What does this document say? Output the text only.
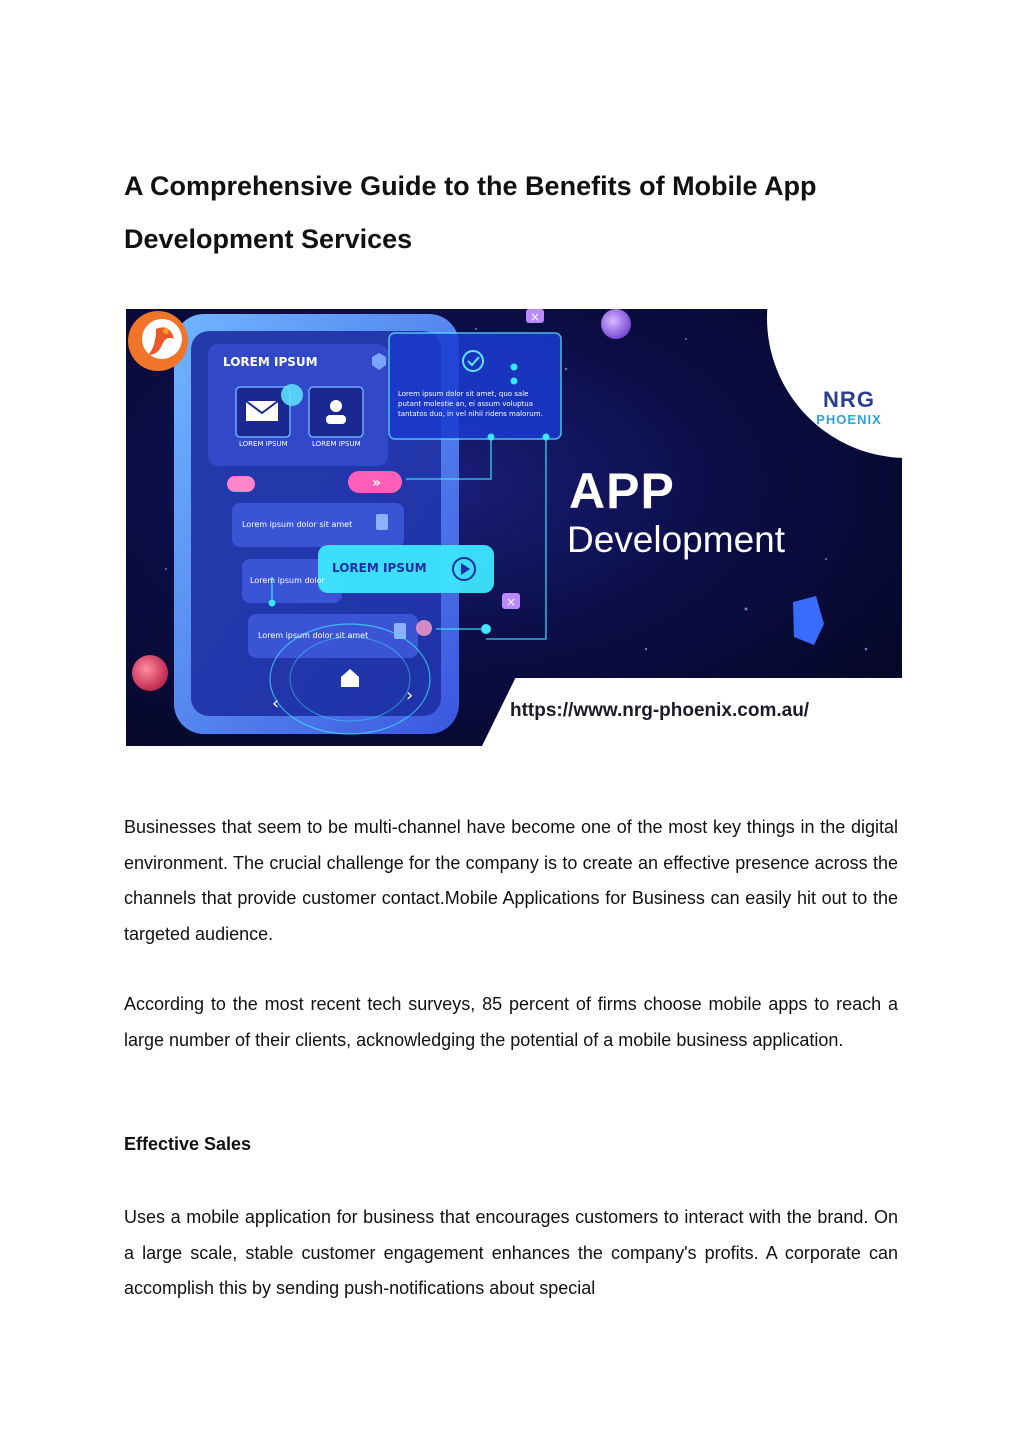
A Comprehensive Guide to the Benefits of Mobile App Development Services
»
×
×
‹	›
LOREM IPSUM
LOREM IPSUM	LOREM IPSUM
Lorem ipsum dolor sit amet
Lorem ipsum dolor
Lorem ipsum dolor sit amet
LOREM IPSUM
Lorem ipsum dolor sit amet, quo sale putant molestie an, ei assum voluptua tantatos duo, in vel nihil ridens malorum.
NRG
PHOENIX
APP
Development
https://www.nrg-phoenix.com.au/

Businesses that seem to be multi-channel have become one of the most key things in the digital environment. The crucial challenge for the company is to create an effective presence across the channels that provide customer contact.Mobile Applications for Business can easily hit out to the targeted audience.

According to the most recent tech surveys, 85 percent of firms choose mobile apps to reach a large number of their clients, acknowledging the potential of a mobile business application.

Effective Sales

Uses a mobile application for business that encourages customers to interact with the brand. On a large scale, stable customer engagement enhances the company's profits. A corporate can accomplish this by sending push-notifications about special
